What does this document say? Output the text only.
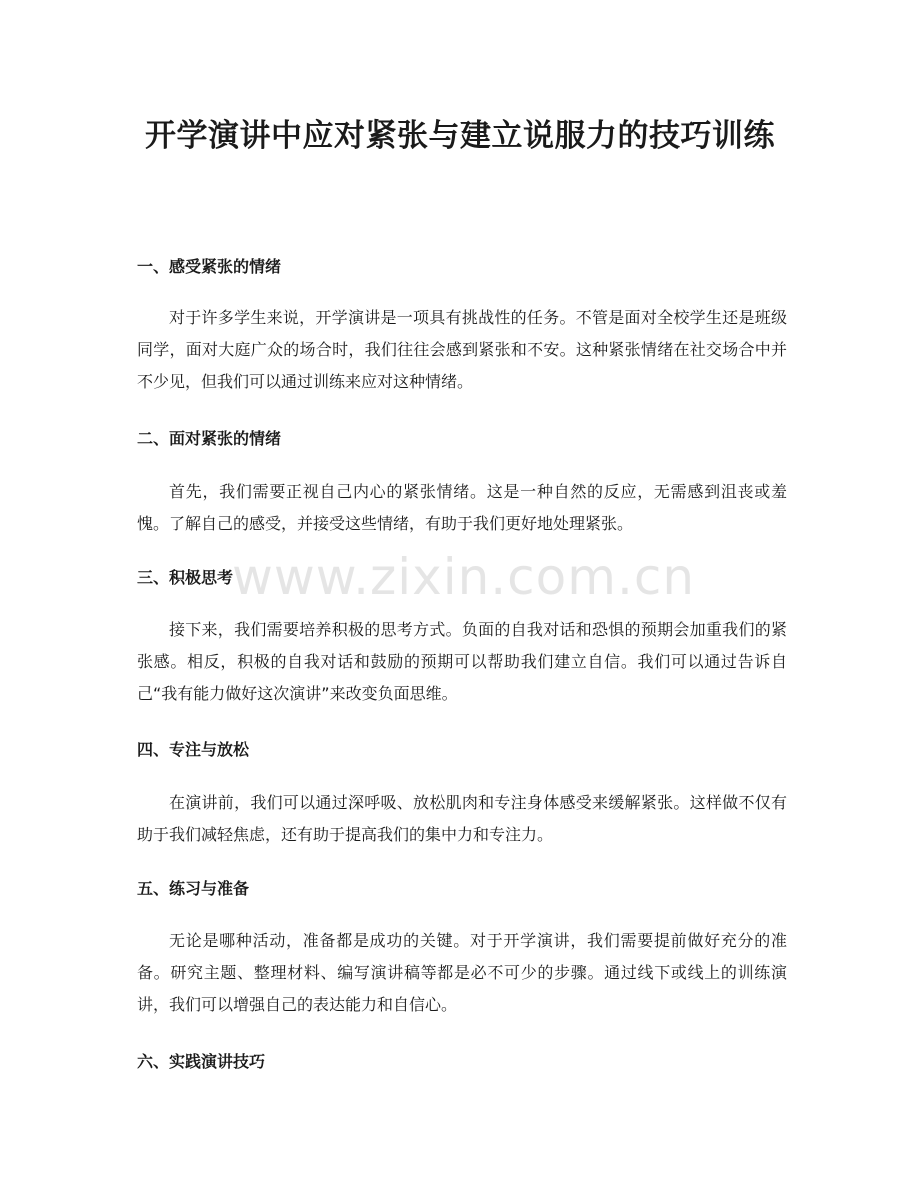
开学演讲中应对紧张与建立说服力的技巧训练
一、感受紧张的情绪

对于许多学生来说，开学演讲是一项具有挑战性的任务。不管是面对全校学生还是班级同学，面对大庭广众的场合时，我们往往会感到紧张和不安。这种紧张情绪在社交场合中并不少见，但我们可以通过训练来应对这种情绪。

二、面对紧张的情绪

首先，我们需要正视自己内心的紧张情绪。这是一种自然的反应，无需感到沮丧或羞愧。了解自己的感受，并接受这些情绪，有助于我们更好地处理紧张。

三、积极思考

接下来，我们需要培养积极的思考方式。负面的自我对话和恐惧的预期会加重我们的紧张感。相反，积极的自我对话和鼓励的预期可以帮助我们建立自信。我们可以通过告诉自己“我有能力做好这次演讲”来改变负面思维。

四、专注与放松

在演讲前，我们可以通过深呼吸、放松肌肉和专注身体感受来缓解紧张。这样做不仅有助于我们减轻焦虑，还有助于提高我们的集中力和专注力。

五、练习与准备

无论是哪种活动，准备都是成功的关键。对于开学演讲，我们需要提前做好充分的准备。研究主题、整理材料、编写演讲稿等都是必不可少的步骤。通过线下或线上的训练演讲，我们可以增强自己的表达能力和自信心。

六、实践演讲技巧
www.zixin.com.cn
